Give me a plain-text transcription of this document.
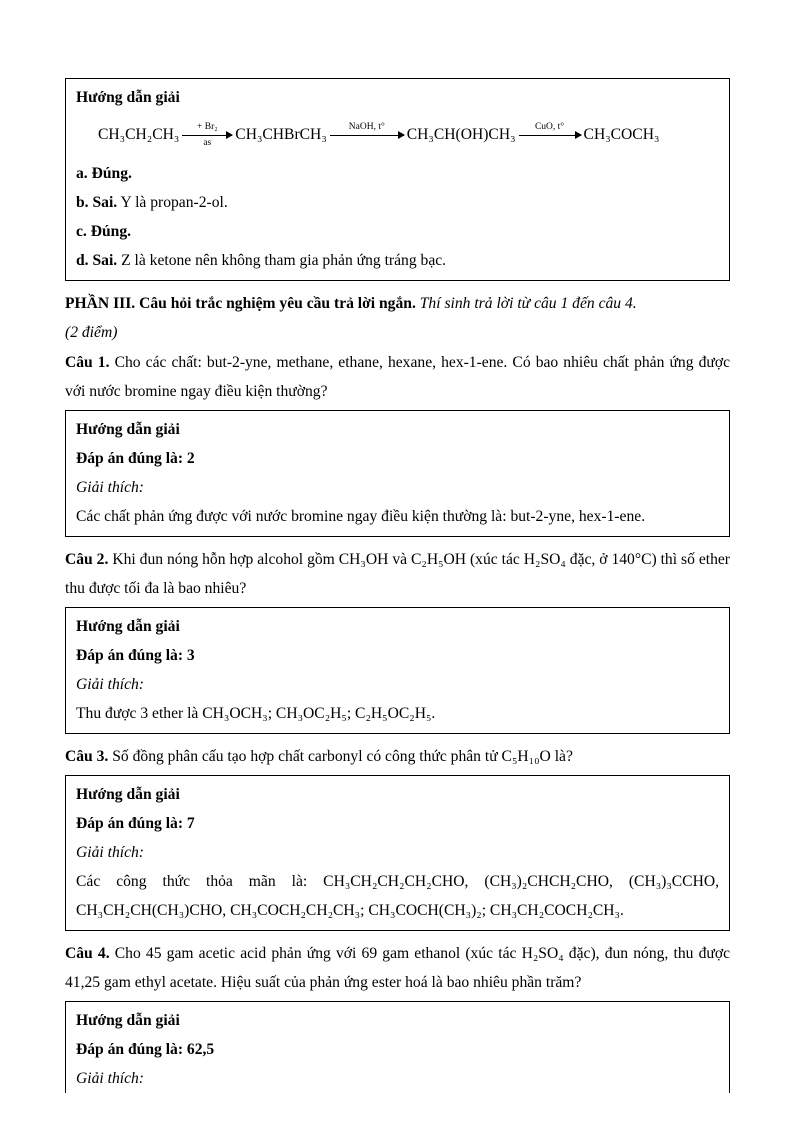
Hướng dẫn giải

CH₃CH₂CH₃ + Br₂
as CH₃CHBrCH₃ NaOH, t° CH₃CH(OH)CH₃ CuO, t° CH₃COCH₃

a. Đúng.

b. Sai. Y là propan-2-ol.

c. Đúng.

d. Sai. Z là ketone nên không tham gia phản ứng tráng bạc.

PHẦN III. Câu hỏi trắc nghiệm yêu cầu trả lời ngắn. Thí sinh trả lời từ câu 1 đến câu 4.

(2 điểm)

Câu 1. Cho các chất: but-2-yne, methane, ethane, hexane, hex-1-ene. Có bao nhiêu chất phản ứng được với nước bromine ngay điều kiện thường?

Hướng dẫn giải

Đáp án đúng là: 2

Giải thích:

Các chất phản ứng được với nước bromine ngay điều kiện thường là: but-2-yne, hex-1-ene.

Câu 2. Khi đun nóng hỗn hợp alcohol gồm CH₃OH và C₂H₅OH (xúc tác H₂SO₄ đặc, ở 140°C) thì số ether thu được tối đa là bao nhiêu?

Hướng dẫn giải

Đáp án đúng là: 3

Giải thích:

Thu được 3 ether là CH₃OCH₃; CH₃OC₂H₅; C₂H₅OC₂H₅.

Câu 3. Số đồng phân cấu tạo hợp chất carbonyl có công thức phân tử C₅H₁₀O là?

Hướng dẫn giải

Đáp án đúng là: 7

Giải thích:

Các công thức thỏa mãn là: CH₃CH₂CH₂CH₂CHO, (CH₃)₂CHCH₂CHO, (CH₃)₃CCHO, CH₃CH₂CH(CH₃)CHO, CH₃COCH₂CH₂CH₃; CH₃COCH(CH₃)₂; CH₃CH₂COCH₂CH₃.

Câu 4. Cho 45 gam acetic acid phản ứng với 69 gam ethanol (xúc tác H₂SO₄ đặc), đun nóng, thu được 41,25 gam ethyl acetate. Hiệu suất của phản ứng ester hoá là bao nhiêu phần trăm?

Hướng dẫn giải

Đáp án đúng là: 62,5

Giải thích:
